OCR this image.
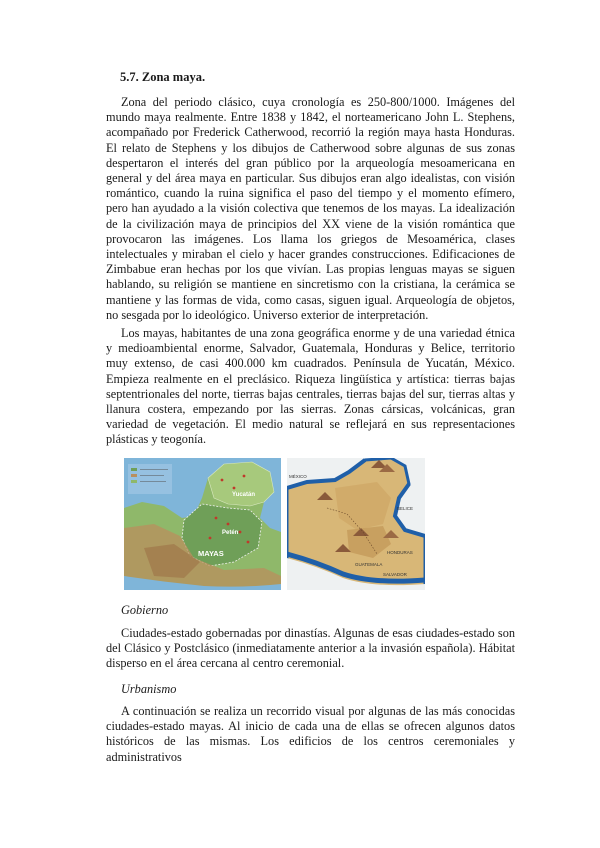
5.7. Zona maya.

Zona del periodo clásico, cuya cronología es 250-800/1000. Imágenes del mundo maya realmente. Entre 1838 y 1842, el norteamericano John L. Stephens, acompañado por Frederick Catherwood, recorrió la región maya hasta Honduras. El relato de Stephens y los dibujos de Catherwood sobre algunas de sus zonas despertaron el interés del gran público por la arqueología mesoamericana en general y del área maya en particular. Sus dibujos eran algo idealistas, con visión romántico, cuando la ruina significa el paso del tiempo y el momento efímero, pero han ayudado a la visión colectiva que tenemos de los mayas. La idealización de la civilización maya de principios del XX viene de la visión romántica que provocaron las imágenes. Los llama los griegos de Mesoamérica, clases intelectuales y miraban el cielo y hacer grandes construcciones. Edificaciones de Zimbabue eran hechas por los que vivían. Las propias lenguas mayas se siguen hablando, su religión se mantiene en sincretismo con la cristiana, la cerámica se mantiene y las formas de vida, como casas, siguen igual. Arqueología de objetos, no sesgada por lo ideológico. Universo exterior de interpretación.

Los mayas, habitantes de una zona geográfica enorme y de una variedad étnica y medioambiental enorme, Salvador, Guatemala, Honduras y Belice, territorio muy extenso, de casi 400.000 km cuadrados. Península de Yucatán, México. Empieza realmente en el preclásico. Riqueza lingüística y artística: tierras bajas septentrionales del norte, tierras bajas centrales, tierras bajas del sur, tierras altas y llanura costera, empezando por las sierras. Zonas cársicas, volcánicas, gran variedad de vegetación. El medio natural se reflejará en sus representaciones plásticas y teogonía.

Yucatán
Petén
MAYAS
MÉXICO
BELICE
HONDURAS
GUATEMALA
SALVADOR
Gobierno

Ciudades-estado gobernadas por dinastías. Algunas de esas ciudades-estado son del Clásico y Postclásico (inmediatamente anterior a la invasión española). Hábitat disperso en el área cercana al centro ceremonial.

Urbanismo

A continuación se realiza un recorrido visual por algunas de las más conocidas ciudades-estado mayas. Al inicio de cada una de ellas se ofrecen algunos datos históricos de las mismas. Los edificios de los centros ceremoniales y administrativos
